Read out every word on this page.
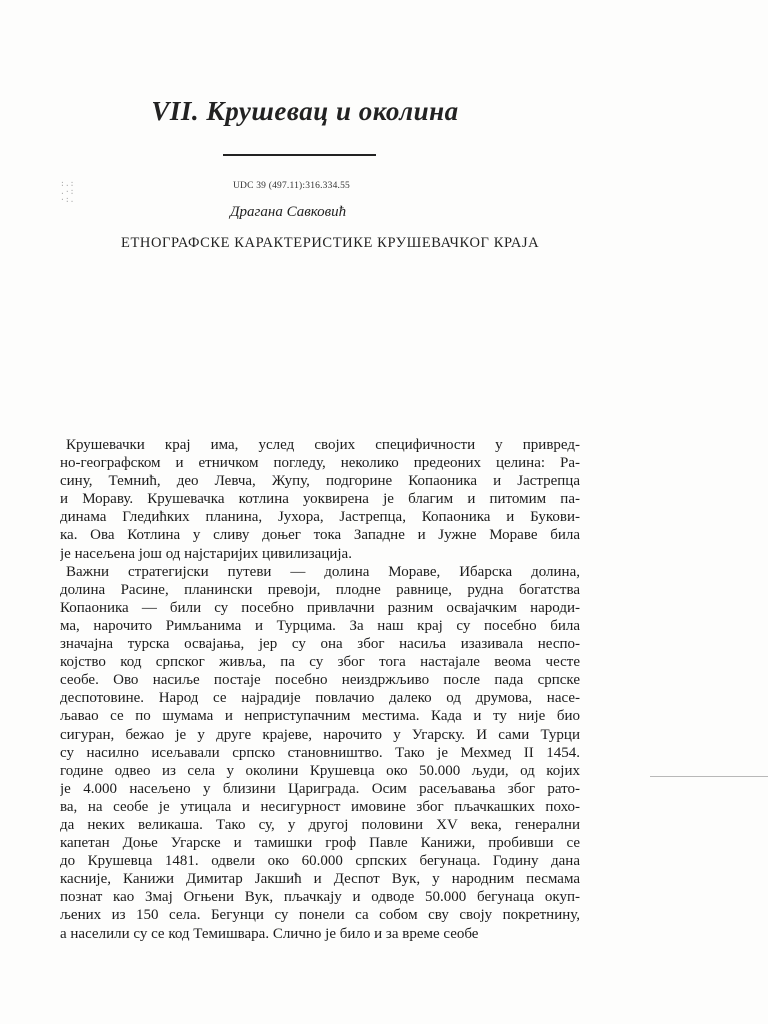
:.:
.·:
·:.
VII. Крушевац и околина
UDC 39 (497.11):316.334.55
Драгана Савковић
ЕТНОГРАФСКЕ КАРАКТЕРИСТИКЕ КРУШЕВАЧКОГ КРАЈА

Крушевачки крај има, услед својих специфичности у привред-
но-географском и етничком погледу, неколико предеоних целина: Ра-
сину, Темнић, део Левча, Жупу, подгорине Копаоника и Јастрепца
и Мораву. Крушевачка котлина уоквирена је благим и питомим па-
динама Гледићких планина, Јухора, Јастрепца, Копаоника и Букови-
ка. Ова Котлина у сливу доњег тока Западне и Јужне Мораве била
је насељена још од најстаријих цивилизација.

Важни стратегијски путеви — долина Мораве, Ибарска долина,
долина Расине, планински превоји, плодне равнице, рудна богатства
Копаоника — били су посебно привлачни разним освајачким народи-
ма, нарочито Римљанима и Турцима. За наш крај су посебно била
значајна турска освајања, јер су она због насиља изазивала неспо-
којство код српског живља, па су због тога настајале веома честе
сеобе. Ово насиље постаје посебно неиздржљиво после пада српске
деспотовине. Народ се најрадије повлачио далеко од друмова, насе-
љавао се по шумама и неприступачним местима. Када и ту није био
сигуран, бежао је у друге крајеве, нарочито у Угарску. И сами Турци
су насилно исељавали српско становништво. Тако је Мехмед II 1454.
године одвео из села у околини Крушевца око 50.000 људи, од којих
је 4.000 насељено у близини Цариграда. Осим расељавања због рато-
ва, на сеобе је утицала и несигурност имовине због пљачкашких похо-
да неких великаша. Тако су, у другој половини XV века, генерални
капетан Доње Угарске и тамишки гроф Павле Канижи, пробивши се
до Крушевца 1481. одвели око 60.000 српских бегунаца. Годину дана
касније, Канижи Димитар Јакшић и Деспот Вук, у народним песмама
познат као Змај Огњени Вук, пљачкају и одводе 50.000 бегунаца окуп-
љених из 150 села. Бегунци су понели са собом сву своју покретнину,
а населили су се код Темишвара. Слично је било и за време сеобе
